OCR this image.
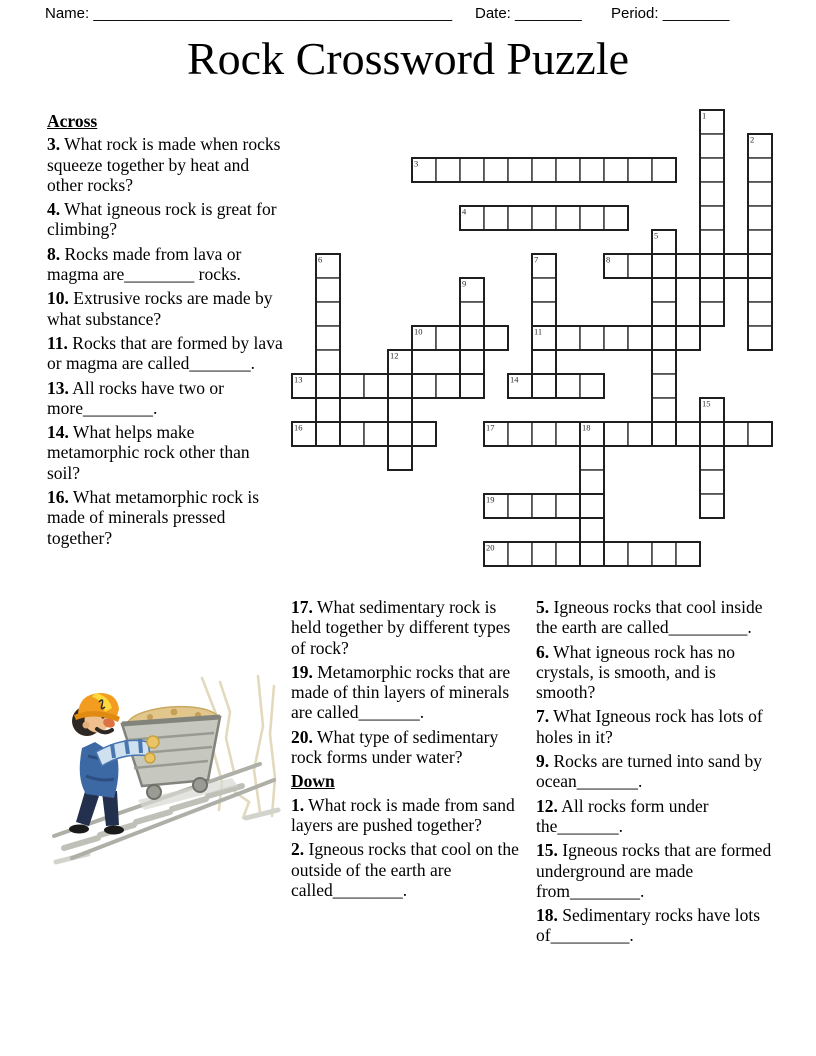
Name: ___________________________________________ Date: ________ Period: ________
Rock Crossword Puzzle

Across

3. What rock is made when rocks squeeze together by heat and other rocks?

4. What igneous rock is great for climbing?

8. Rocks made from lava or magma are________ rocks.

10. Extrusive rocks are made by what substance?

11. Rocks that are formed by lava or magma are called_______.

13. All rocks have two or more________.

14. What helps make metamorphic rock other than soil?

16. What metamorphic rock is made of minerals pressed together?

3
4
8
10	11
13	14
16	17	18
19
20
1
2
5
6	7
9
12
15

17. What sedimentary rock is held together by different types of rock?

19. Metamorphic rocks that are made of thin layers of minerals are called_______.

20. What type of sedimentary rock forms under water?

Down

1. What rock is made from sand layers are pushed together?

2. Igneous rocks that cool on the outside of the earth are called________.

5. Igneous rocks that cool inside the earth are called_________.

6. What igneous rock has no crystals, is smooth, and is smooth?

7. What Igneous rock has lots of holes in it?

9. Rocks are turned into sand by ocean_______.

12. All rocks form under the_______.

15. Igneous rocks that are formed underground are made from________.

18. Sedimentary rocks have lots of_________.
